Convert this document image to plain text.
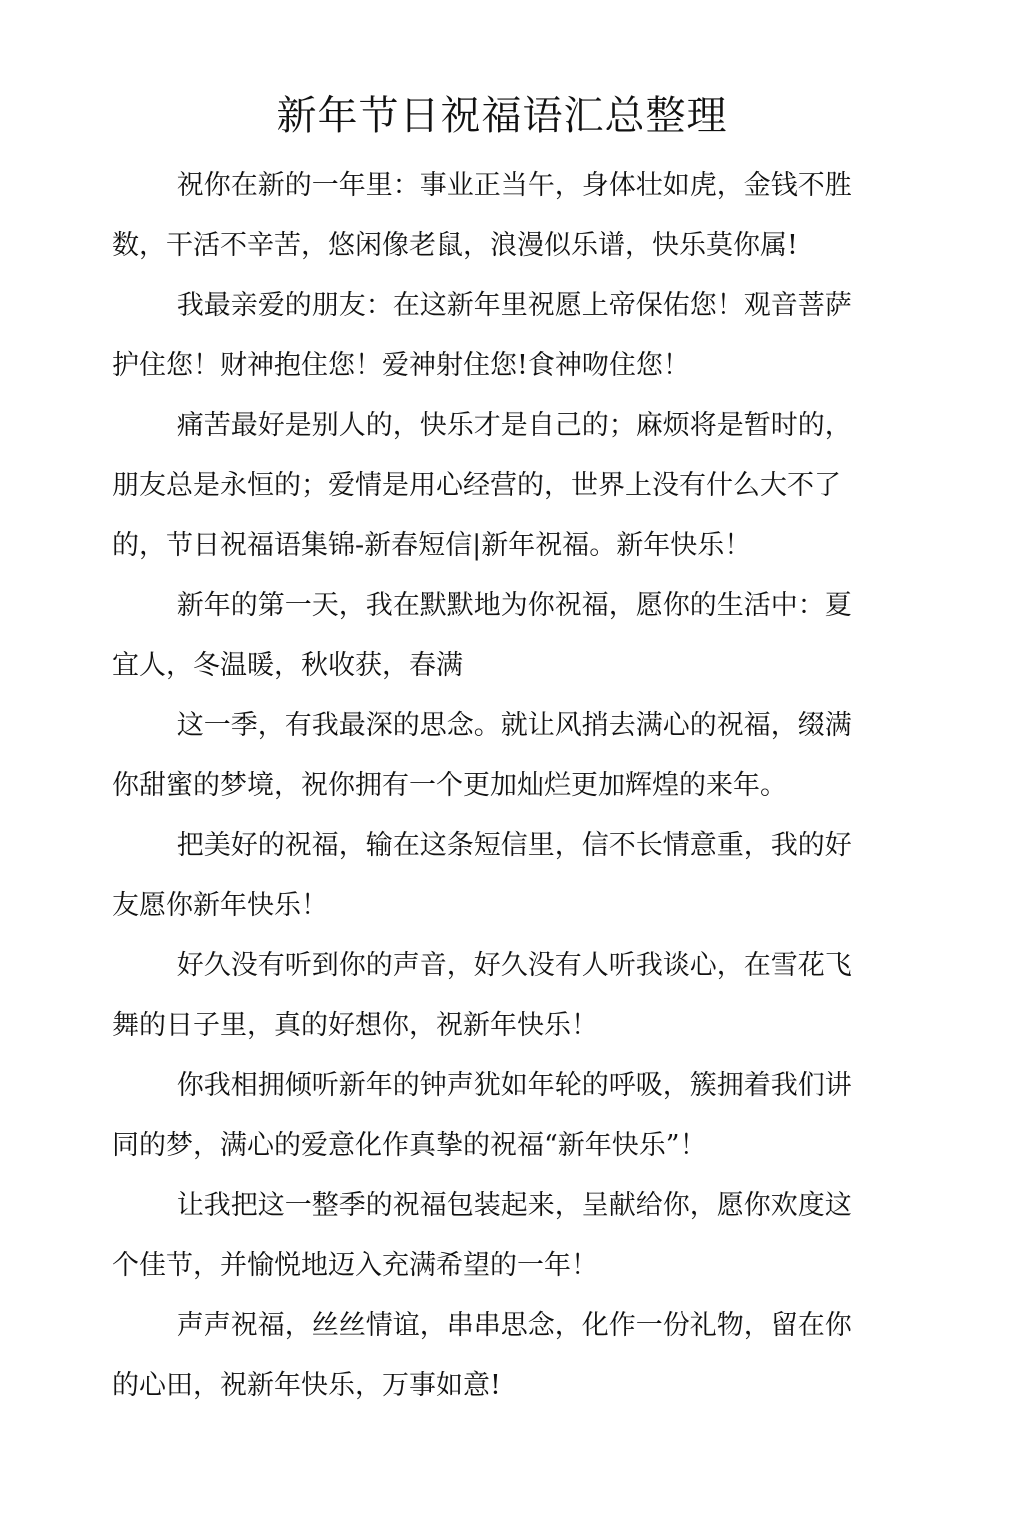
新年节日祝福语汇总整理

祝你在新的一年里：事业正当午，身体壮如虎，金钱不胜数，干活不辛苦，悠闲像老鼠，浪漫似乐谱，快乐莫你属!

我最亲爱的朋友：在这新年里祝愿上帝保佑您！观音菩萨护住您！财神抱住您！爱神射住您!食神吻住您！

痛苦最好是别人的，快乐才是自己的；麻烦将是暂时的，朋友总是永恒的；爱情是用心经营的，世界上没有什么大不了的，节日祝福语集锦-新春短信|新年祝福。新年快乐！

新年的第一天，我在默默地为你祝福，愿你的生活中：夏宜人，冬温暖，秋收获，春满

这一季，有我最深的思念。就让风捎去满心的祝福，缀满你甜蜜的梦境，祝你拥有一个更加灿烂更加辉煌的来年。

把美好的祝福，输在这条短信里，信不长情意重，我的好友愿你新年快乐！

好久没有听到你的声音，好久没有人听我谈心，在雪花飞舞的日子里，真的好想你，祝新年快乐！

你我相拥倾听新年的钟声犹如年轮的呼吸，簇拥着我们讲同的梦，满心的爱意化作真挚的祝福“新年快乐”！

让我把这一整季的祝福包装起来，呈献给你，愿你欢度这个佳节，并愉悦地迈入充满希望的一年！

声声祝福，丝丝情谊，串串思念，化作一份礼物，留在你的心田，祝新年快乐，万事如意!
